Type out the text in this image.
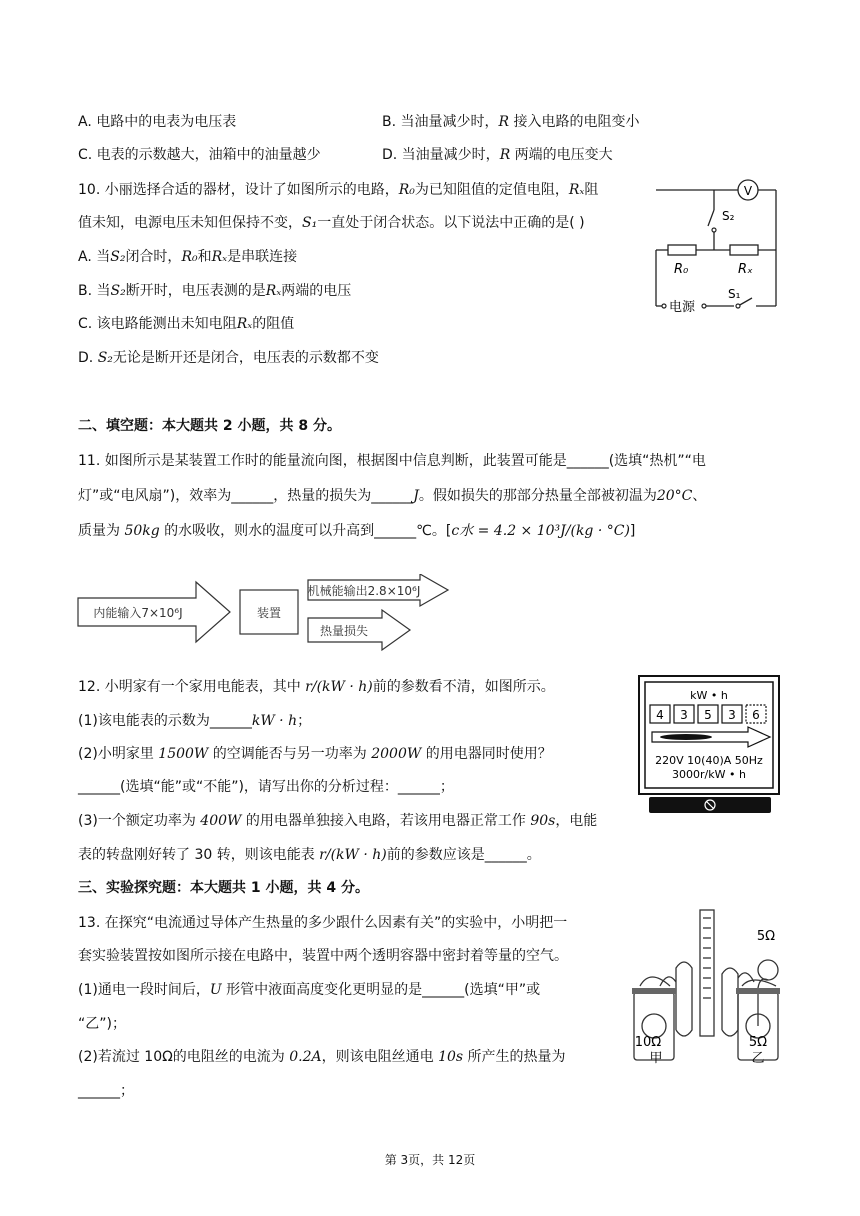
A. 电路中的电表为电压表	B. 当油量减少时，R 接入电路的电阻变小
C. 电表的示数越大，油箱中的油量越少	D. 当油量减少时，R 两端的电压变大
10. 小丽选择合适的器材，设计了如图所示的电路，R₀为已知阻值的定值电阻，Rₓ阻
值未知，电源电压未知但保持不变，S₁一直处于闭合状态。以下说法中正确的是( )
A. 当S₂闭合时，R₀和Rₓ是串联连接
B. 当S₂断开时，电压表测的是Rₓ两端的电压
C. 该电路能测出未知电阻Rₓ的阻值
D. S₂无论是断开还是闭合，电压表的示数都不变
V
S₂
R₀	Rₓ
电源
S₁
二、填空题：本大题共 2 小题，共 8 分。
11. 如图所示是某装置工作时的能量流向图，根据图中信息判断，此装置可能是______(选填“热机”“电
灯”或“电风扇”)，效率为______，热量的损失为______J。假如损失的那部分热量全部被初温为20°C、
质量为 50kg 的水吸收，则水的温度可以升高到______℃。[c水 = 4.2 × 10³J/(kg · °C)]
内能输入7×10⁶J	装置
机械能输出2.8×10⁶J
热量损失
12. 小明家有一个家用电能表，其中 r/(kW · h)前的参数看不清，如图所示。
(1)该电能表的示数为______kW · h；
(2)小明家里 1500W 的空调能否与另一功率为 2000W 的用电器同时使用？
______(选填“能”或“不能”)，请写出你的分析过程：______；
(3)一个额定功率为 400W 的用电器单独接入电路，若该用电器正常工作 90s，电能
表的转盘刚好转了 30 转，则该电能表 r/(kW · h)前的参数应该是______。
kW • h
4 3 5 3 6
220V 10(40)A 50Hz
3000r/kW • h
三、实验探究题：本大题共 1 小题，共 4 分。
13. 在探究“电流通过导体产生热量的多少跟什么因素有关”的实验中，小明把一
套实验装置按如图所示接在电路中，装置中两个透明容器中密封着等量的空气。
(1)通电一段时间后，U 形管中液面高度变化更明显的是______(选填“甲”或
“乙”)；
(2)若流过 10Ω的电阻丝的电流为 0.2A，则该电阻丝通电 10s 所产生的热量为
______；
5Ω
10Ω	5Ω
甲	乙
第 3页，共 12页
